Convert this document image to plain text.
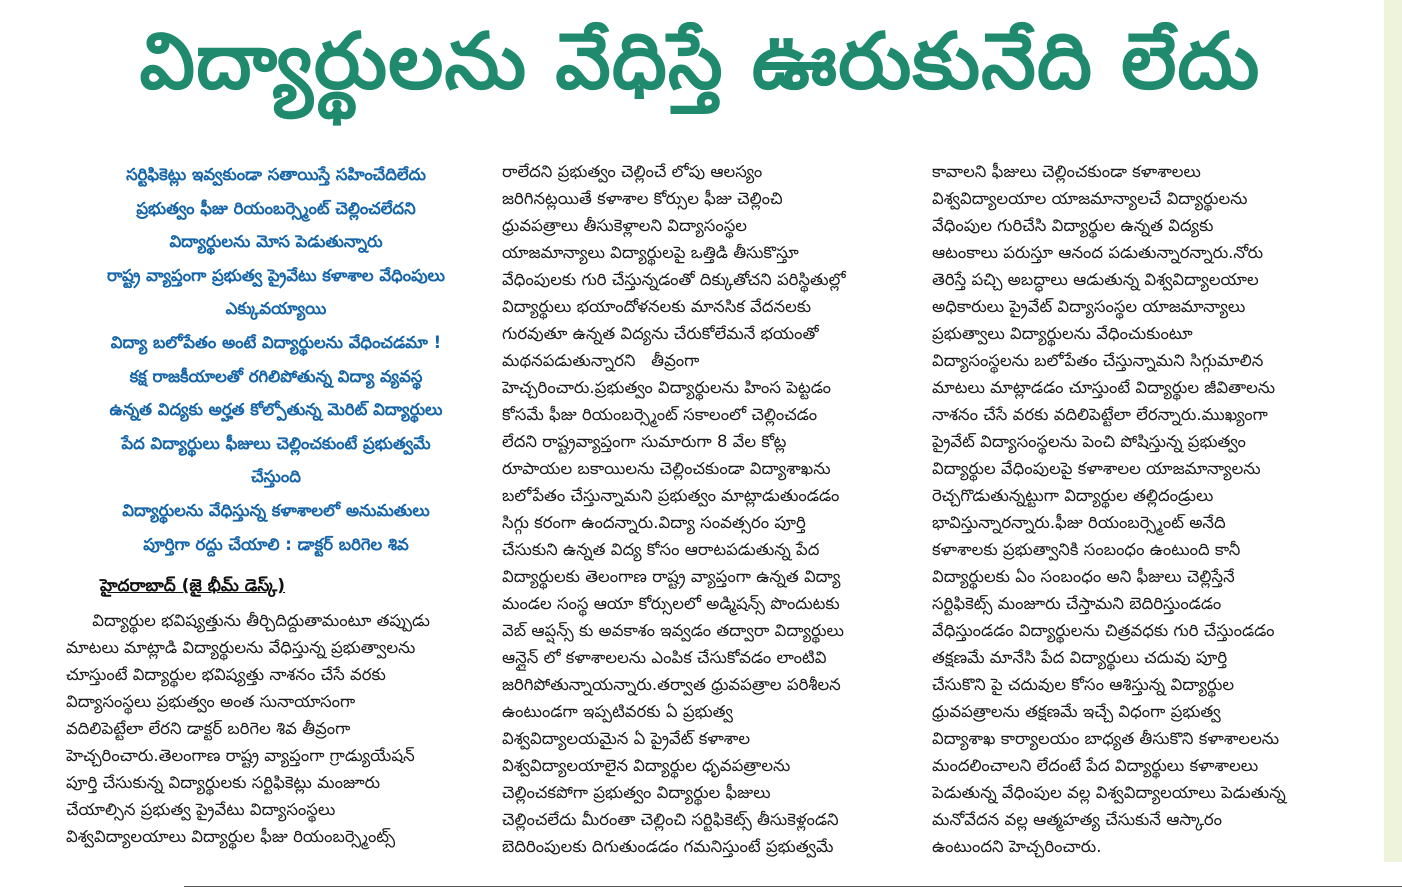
విద్యార్థులను వేధిస్తే ఊరుకునేది లేదు
సర్టిఫికెట్లు ఇవ్వకుండా సతాయిస్తే సహించేదిలేదు
ప్రభుత్వం ఫీజు రియంబర్స్మెంట్ చెల్లించలేదని
విద్యార్థులను మోస పెడుతున్నారు
రాష్ట్ర వ్యాప్తంగా ప్రభుత్వ ప్రైవేటు కళాశాల వేధింపులు
ఎక్కువయ్యాయి
విద్యా బలోపేతం అంటే విద్యార్థులను వేధించడమా !
కక్ష రాజకీయాలతో రగిలిపోతున్న విద్యా వ్యవస్థ
ఉన్నత విద్యకు అర్హత కోల్పోతున్న మెరిట్ విద్యార్థులు
పేద విద్యార్థులు ఫీజులు చెల్లించకుంటే ప్రభుత్వమే
చేస్తుంది
విద్యార్థులను వేధిస్తున్న కళాశాలలో అనుమతులు
పూర్తిగా రద్దు చేయాలి : డాక్టర్ బరిగెల శివ
హైదరాబాద్ (జై భీమ్ డెస్క్)
విద్యార్థుల భవిష్యత్తును తీర్చిదిద్దుతామంటూ తప్పుడు
మాటలు మాట్లాడి విద్యార్థులను వేధిస్తున్న ప్రభుత్వాలను
చూస్తుంటే విద్యార్థుల భవిష్యత్తు నాశనం చేసే వరకు
విద్యాసంస్థలు ప్రభుత్వం అంత సునాయాసంగా
వదిలిపెట్టేలా లేరని డాక్టర్ బరిగెల శివ తీవ్రంగా
హెచ్చరించారు.తెలంగాణ రాష్ట్ర వ్యాప్తంగా గ్రాడ్యుయేషన్
పూర్తి చేసుకున్న విద్యార్థులకు సర్టిఫికెట్లు మంజూరు
చేయాల్సిన ప్రభుత్వ ప్రైవేటు విద్యాసంస్థలు
విశ్వవిద్యాలయాలు విద్యార్థుల ఫీజు రియంబర్స్మెంట్స్
రాలేదని ప్రభుత్వం చెల్లించే లోపు ఆలస్యం
జరిగినట్లయితే కళాశాల కోర్సుల ఫీజు చెల్లించి
ధ్రువపత్రాలు తీసుకెళ్లాలని విద్యాసంస్థల
యాజమాన్యాలు విద్యార్థులపై ఒత్తిడి తీసుకొస్తూ
వేధింపులకు గురి చేస్తున్నడంతో దిక్కుతోచని పరిస్థితుల్లో
విద్యార్థులు భయాందోళనలకు మానసిక వేదనలకు
గురవుతూ ఉన్నత విద్యను చేరుకోలేమనే భయంతో
మథనపడుతున్నారని   తీవ్రంగా
హెచ్చరించారు.ప్రభుత్వం విద్యార్థులను హింస పెట్టడం
కోసమే ఫీజు రియంబర్స్మెంట్ సకాలంలో చెల్లించడం
లేదని రాష్ట్రవ్యాప్తంగా సుమారుగా 8 వేల కోట్ల
రూపాయల బకాయిలను చెల్లించకుండా విద్యాశాఖను
బలోపేతం చేస్తున్నామని ప్రభుత్వం మాట్లాడుతుండడం
సిగ్గు కరంగా ఉందన్నారు.విద్యా సంవత్సరం పూర్తి
చేసుకుని ఉన్నత విద్య కోసం ఆరాటపడుతున్న పేద
విద్యార్థులకు తెలంగాణ రాష్ట్ర వ్యాప్తంగా ఉన్నత విద్యా
మండల సంస్థ ఆయా కోర్సులలో అడ్మిషన్స్ పొందుటకు
వెబ్ ఆప్షన్స్ కు అవకాశం ఇవ్వడం తద్వారా విద్యార్థులు
ఆన్లైన్ లో కళాశాలలను ఎంపిక చేసుకోవడం లాంటివి
జరిగిపోతున్నాయన్నారు.తర్వాత ధ్రువపత్రాల పరిశీలన
ఉంటుండగా ఇప్పటివరకు ఏ ప్రభుత్వ
విశ్వవిద్యాలయమైన ఏ ప్రైవేట్ కళాశాల
విశ్వవిద్యాలయాలైన విద్యార్థుల ధృవపత్రాలను
చెల్లించకపోగా ప్రభుత్వం విద్యార్థుల ఫీజులు
చెల్లించలేదు మీరంతా చెల్లించి సర్టిఫికెట్స్ తీసుకెళ్లండని
బెదిరింపులకు దిగుతుండడం గమనిస్తుంటే ప్రభుత్వమే
కావాలని ఫీజులు చెల్లించకుండా కళాశాలలు
విశ్వవిద్యాలయాల యాజమాన్యాలచే విద్యార్థులను
వేధింపుల గురిచేసి విద్యార్థుల ఉన్నత విద్యకు
ఆటంకాలు పరుస్తూ ఆనంద పడుతున్నారన్నారు.నోరు
తెరిస్తే పచ్చి అబద్ధాలు ఆడుతున్న విశ్వవిద్యాలయాల
అధికారులు ప్రైవేట్ విద్యాసంస్థల యాజమాన్యాలు
ప్రభుత్వాలు విద్యార్థులను వేధించుకుంటూ
విద్యాసంస్థలను బలోపేతం చేస్తున్నామని సిగ్గుమాలిన
మాటలు మాట్లాడడం చూస్తుంటే విద్యార్థుల జీవితాలను
నాశనం చేసే వరకు వదిలిపెట్టేలా లేరన్నారు.ముఖ్యంగా
ప్రైవేట్ విద్యాసంస్థలను పెంచి పోషిస్తున్న ప్రభుత్వం
విద్యార్థుల వేధింపులపై కళాశాలల యాజమాన్యాలను
రెచ్చగొడుతున్నట్టుగా విద్యార్థుల తల్లిదండ్రులు
భావిస్తున్నారన్నారు.ఫీజు రియంబర్స్మెంట్ అనేది
కళాశాలకు ప్రభుత్వానికి సంబంధం ఉంటుంది కానీ
విద్యార్థులకు ఏం సంబంధం అని ఫీజులు చెల్లిస్తేనే
సర్టిఫికెట్స్ మంజూరు చేస్తామని బెదిరిస్తుండడం
వేధిస్తుండడం విద్యార్థులను చిత్రవధకు గురి చేస్తుండడం
తక్షణమే మానేసి పేద విద్యార్థులు చదువు పూర్తి
చేసుకొని పై చదువుల కోసం ఆశిస్తున్న విద్యార్థుల
ధ్రువపత్రాలను తక్షణమే ఇచ్చే విధంగా ప్రభుత్వ
విద్యాశాఖ కార్యాలయం బాధ్యత తీసుకొని కళాశాలలను
మందలించాలని లేదంటే పేద విద్యార్థులు కళాశాలలు
పెడుతున్న వేధింపుల వల్ల విశ్వవిద్యాలయాలు పెడుతున్న
మనోవేదన వల్ల ఆత్మహత్య చేసుకునే ఆస్కారం
ఉంటుందని హెచ్చరించారు.
